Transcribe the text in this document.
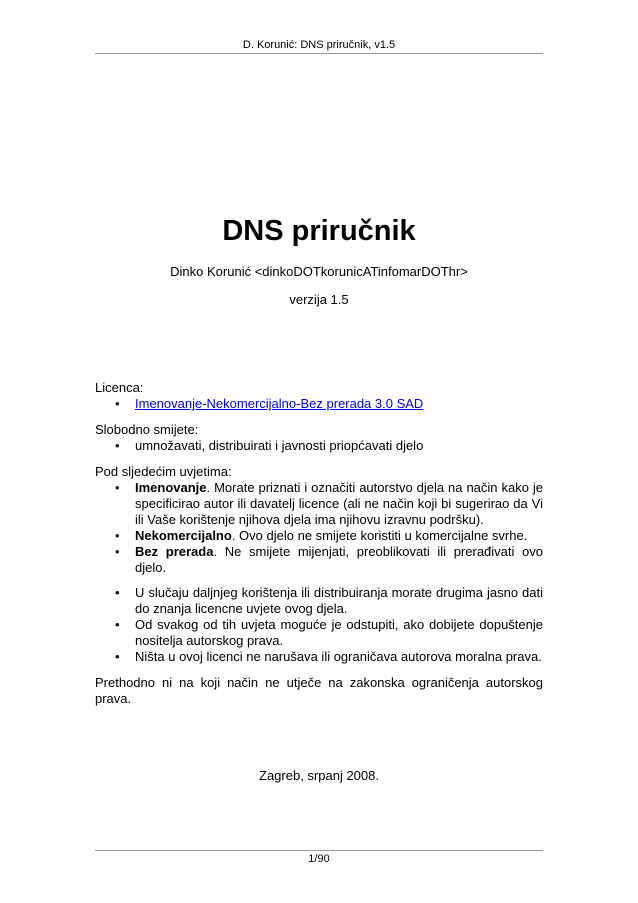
D. Korunić: DNS priručnik, v1.5
DNS priručnik
Dinko Korunić <dinkoDOTkorunicATinfomarDOThr>
verzija 1.5

Licenca:

• Imenovanje-Nekomercijalno-Bez prerada 3.0 SAD

Slobodno smijete:

• umnožavati, distribuirati i javnosti priopćavati djelo

Pod sljedećim uvjetima:

• Imenovanje. Morate priznati i označiti autorstvo djela na način kako je specificirao autor ili davatelj licence (ali ne način koji bi sugerirao da Vi ili Vaše korištenje njihova djela ima njihovu izravnu podršku).
• Nekomercijalno. Ovo djelo ne smijete koristiti u komercijalne svrhe.
• Bez prerada. Ne smijete mijenjati, preoblikovati ili prerađivati ovo djelo.
• U slučaju daljnjeg korištenja ili distribuiranja morate drugima jasno dati do znanja licencne uvjete ovog djela.
• Od svakog od tih uvjeta moguće je odstupiti, ako dobijete dopuštenje nositelja autorskog prava.
• Ništa u ovoj licenci ne narušava ili ograničava autorova moralna prava.

Prethodno ni na koji način ne utječe na zakonska ograničenja autorskog prava.

Zagreb, srpanj 2008.
1/90
